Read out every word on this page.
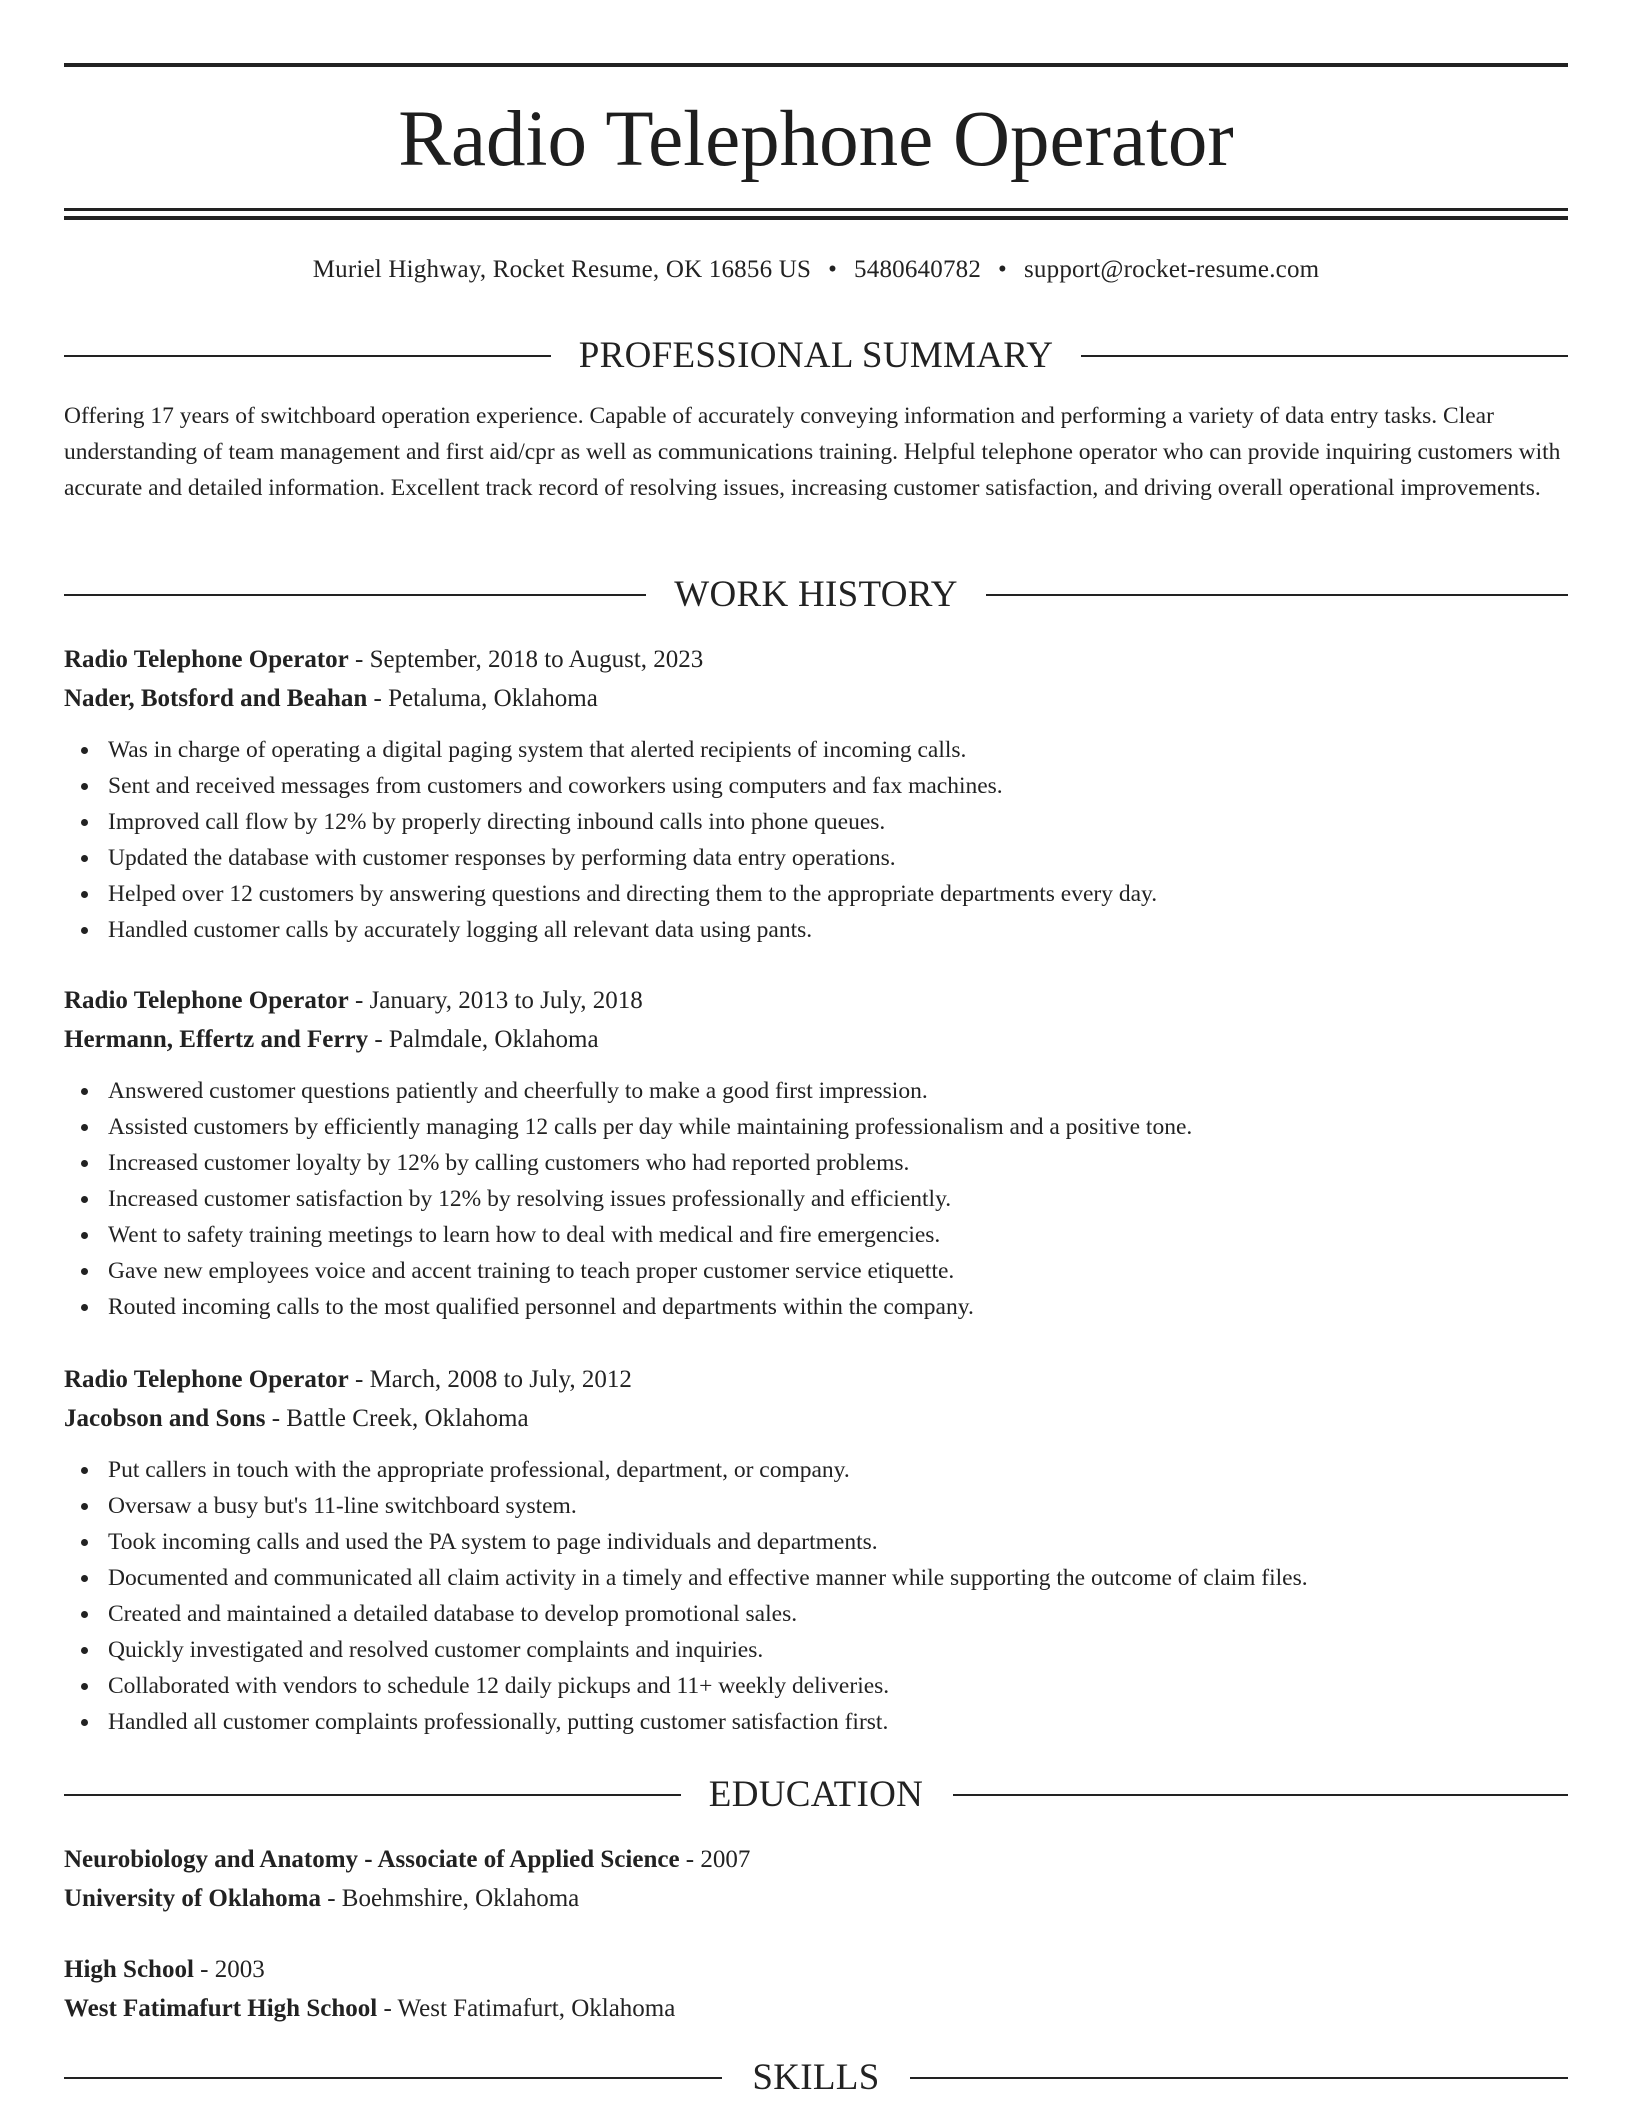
Radio Telephone Operator
Muriel Highway, Rocket Resume, OK 16856 US • 5480640782 • support@rocket-resume.com
PROFESSIONAL SUMMARY
Offering 17 years of switchboard operation experience. Capable of accurately conveying information and performing a variety of data entry tasks. Clear understanding of team management and first aid/cpr as well as communications training. Helpful telephone operator who can provide inquiring customers with accurate and detailed information. Excellent track record of resolving issues, increasing customer satisfaction, and driving overall operational improvements.
WORK HISTORY
Radio Telephone Operator - September, 2018 to August, 2023
Nader, Botsford and Beahan - Petaluma, Oklahoma
Was in charge of operating a digital paging system that alerted recipients of incoming calls.
Sent and received messages from customers and coworkers using computers and fax machines.
Improved call flow by 12% by properly directing inbound calls into phone queues.
Updated the database with customer responses by performing data entry operations.
Helped over 12 customers by answering questions and directing them to the appropriate departments every day.
Handled customer calls by accurately logging all relevant data using pants.
Radio Telephone Operator - January, 2013 to July, 2018
Hermann, Effertz and Ferry - Palmdale, Oklahoma
Answered customer questions patiently and cheerfully to make a good first impression.
Assisted customers by efficiently managing 12 calls per day while maintaining professionalism and a positive tone.
Increased customer loyalty by 12% by calling customers who had reported problems.
Increased customer satisfaction by 12% by resolving issues professionally and efficiently.
Went to safety training meetings to learn how to deal with medical and fire emergencies.
Gave new employees voice and accent training to teach proper customer service etiquette.
Routed incoming calls to the most qualified personnel and departments within the company.
Radio Telephone Operator - March, 2008 to July, 2012
Jacobson and Sons - Battle Creek, Oklahoma
Put callers in touch with the appropriate professional, department, or company.
Oversaw a busy but's 11-line switchboard system.
Took incoming calls and used the PA system to page individuals and departments.
Documented and communicated all claim activity in a timely and effective manner while supporting the outcome of claim files.
Created and maintained a detailed database to develop promotional sales.
Quickly investigated and resolved customer complaints and inquiries.
Collaborated with vendors to schedule 12 daily pickups and 11+ weekly deliveries.
Handled all customer complaints professionally, putting customer satisfaction first.
EDUCATION
Neurobiology and Anatomy - Associate of Applied Science - 2007
University of Oklahoma - Boehmshire, Oklahoma
High School - 2003
West Fatimafurt High School - West Fatimafurt, Oklahoma
SKILLS
